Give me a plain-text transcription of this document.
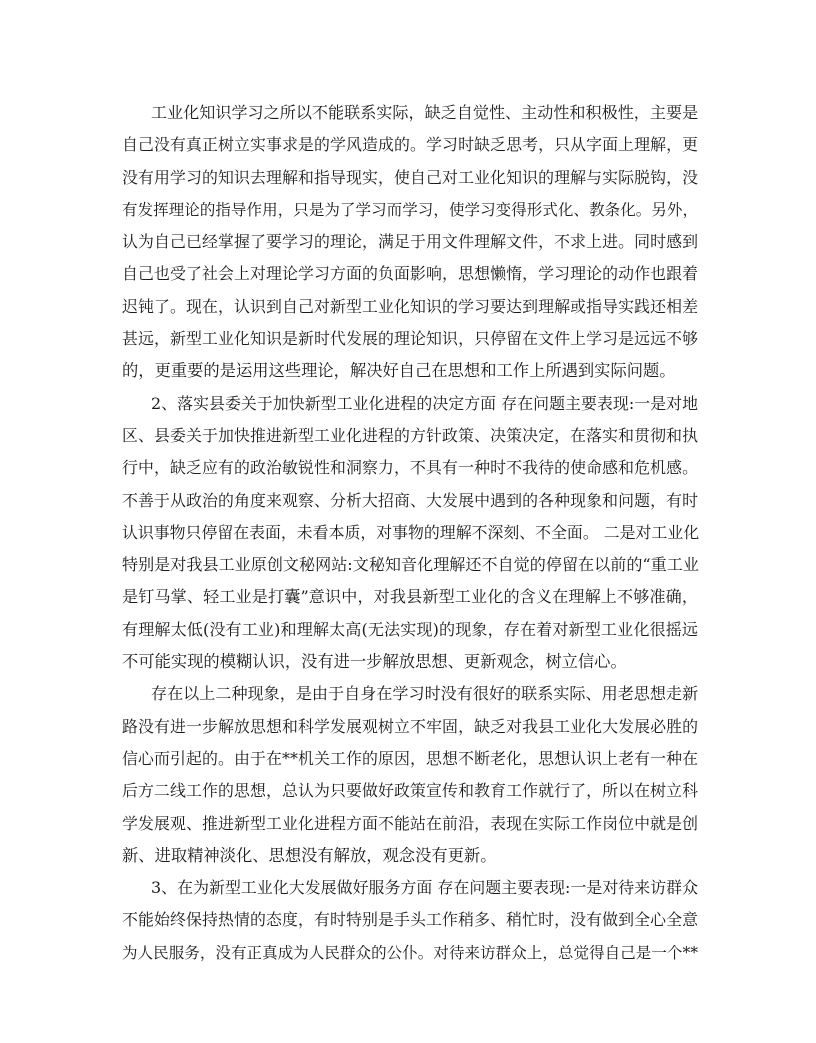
工业化知识学习之所以不能联系实际，缺乏自觉性、主动性和积极性，主要是
自己没有真正树立实事求是的学风造成的。学习时缺乏思考，只从字面上理解，更
没有用学习的知识去理解和指导现实，使自己对工业化知识的理解与实际脱钩，没
有发挥理论的指导作用，只是为了学习而学习，使学习变得形式化、教条化。另外，
认为自己已经掌握了要学习的理论，满足于用文件理解文件，不求上进。同时感到
自己也受了社会上对理论学习方面的负面影响，思想懒惰，学习理论的动作也跟着
迟钝了。现在，认识到自己对新型工业化知识的学习要达到理解或指导实践还相差
甚远，新型工业化知识是新时代发展的理论知识，只停留在文件上学习是远远不够
的，更重要的是运用这些理论，解决好自己在思想和工作上所遇到实际问题。
2、落实县委关于加快新型工业化进程的决定方面 存在问题主要表现:一是对地
区、县委关于加快推进新型工业化进程的方针政策、决策决定，在落实和贯彻和执
行中，缺乏应有的政治敏锐性和洞察力，不具有一种时不我待的使命感和危机感。
不善于从政治的角度来观察、分析大招商、大发展中遇到的各种现象和问题，有时
认识事物只停留在表面，未看本质，对事物的理解不深刻、不全面。 二是对工业化
特别是对我县工业原创文秘网站:文秘知音化理解还不自觉的停留在以前的“重工业
是钉马掌、轻工业是打囊”意识中，对我县新型工业化的含义在理解上不够准确，
有理解太低(没有工业)和理解太高(无法实现)的现象，存在着对新型工业化很摇远
不可能实现的模糊认识，没有进一步解放思想、更新观念，树立信心。
存在以上二种现象，是由于自身在学习时没有很好的联系实际、用老思想走新
路没有进一步解放思想和科学发展观树立不牢固，缺乏对我县工业化大发展必胜的
信心而引起的。由于在**机关工作的原因，思想不断老化，思想认识上老有一种在
后方二线工作的思想，总认为只要做好政策宣传和教育工作就行了，所以在树立科
学发展观、推进新型工业化进程方面不能站在前沿，表现在实际工作岗位中就是创
新、进取精神淡化、思想没有解放，观念没有更新。
3、在为新型工业化大发展做好服务方面 存在问题主要表现:一是对待来访群众
不能始终保持热情的态度，有时特别是手头工作稍多、稍忙时，没有做到全心全意
为人民服务，没有正真成为人民群众的公仆。对待来访群众上，总觉得自己是一个**
